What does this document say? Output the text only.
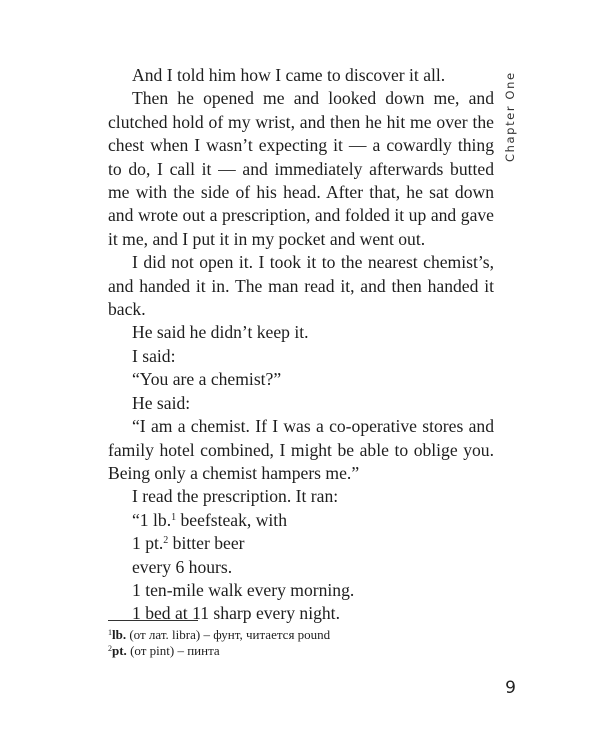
Chapter One

And I told him how I came to discover it all.

Then he opened me and looked down me, and clutched hold of my wrist, and then he hit me over the chest when I wasn’t expecting it — a cowardly thing to do, I call it — and immediately afterwards butted me with the side of his head. After that, he sat down and wrote out a prescription, and folded it up and gave it me, and I put it in my pocket and went out.

I did not open it. I took it to the nearest chemist’s, and handed it in. The man read it, and then handed it back.

He said he didn’t keep it.

I said:

“You are a chemist?”

He said:

“I am a chemist. If I was a co-operative stores and family hotel combined, I might be able to oblige you. Being only a chemist hampers me.”

I read the prescription. It ran:

“1 lb.$^1$ beefsteak, with

1 pt.$^2$ bitter beer

every 6 hours.

1 ten-mile walk every morning.

1 bed at 11 sharp every night.

$^1$lb. (от лат. libra) – фунт, читается pound
$^2$pt. (от pint) – пинта
9
